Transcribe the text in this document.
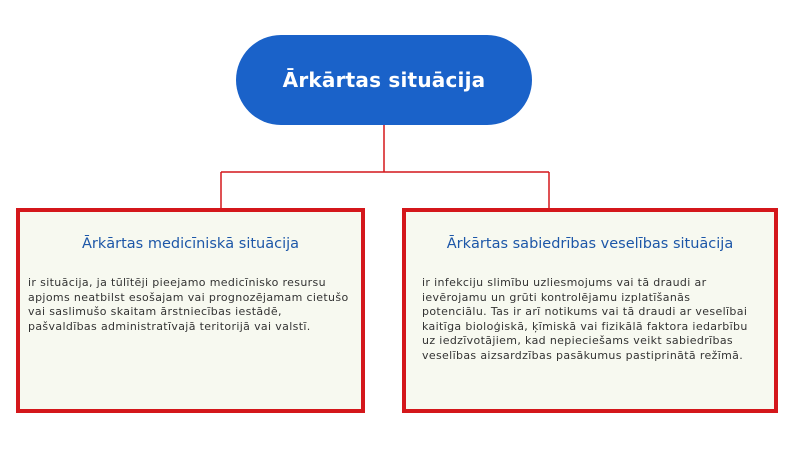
Ārkārtas situācija
Ārkārtas medicīniskā situācija
ir situācija, ja tūlītēji pieejamo medicīnisko resursu apjoms neatbilst esošajam vai prognozējamam cietušo vai saslimušo skaitam ārstniecības iestādē, pašvaldības administratīvajā teritorijā vai valstī.
Ārkārtas sabiedrības veselības situācija
ir infekciju slimību uzliesmojums vai tā draudi ar ievērojamu un grūti kontrolējamu izplatīšanās potenciālu. Tas ir arī notikums vai tā draudi ar veselībai kaitīga bioloģiskā, ķīmiskā vai fizikālā faktora iedarbību uz iedzīvotājiem, kad nepieciešams veikt sabiedrības veselības aizsardzības pasākumus pastiprinātā režīmā.
